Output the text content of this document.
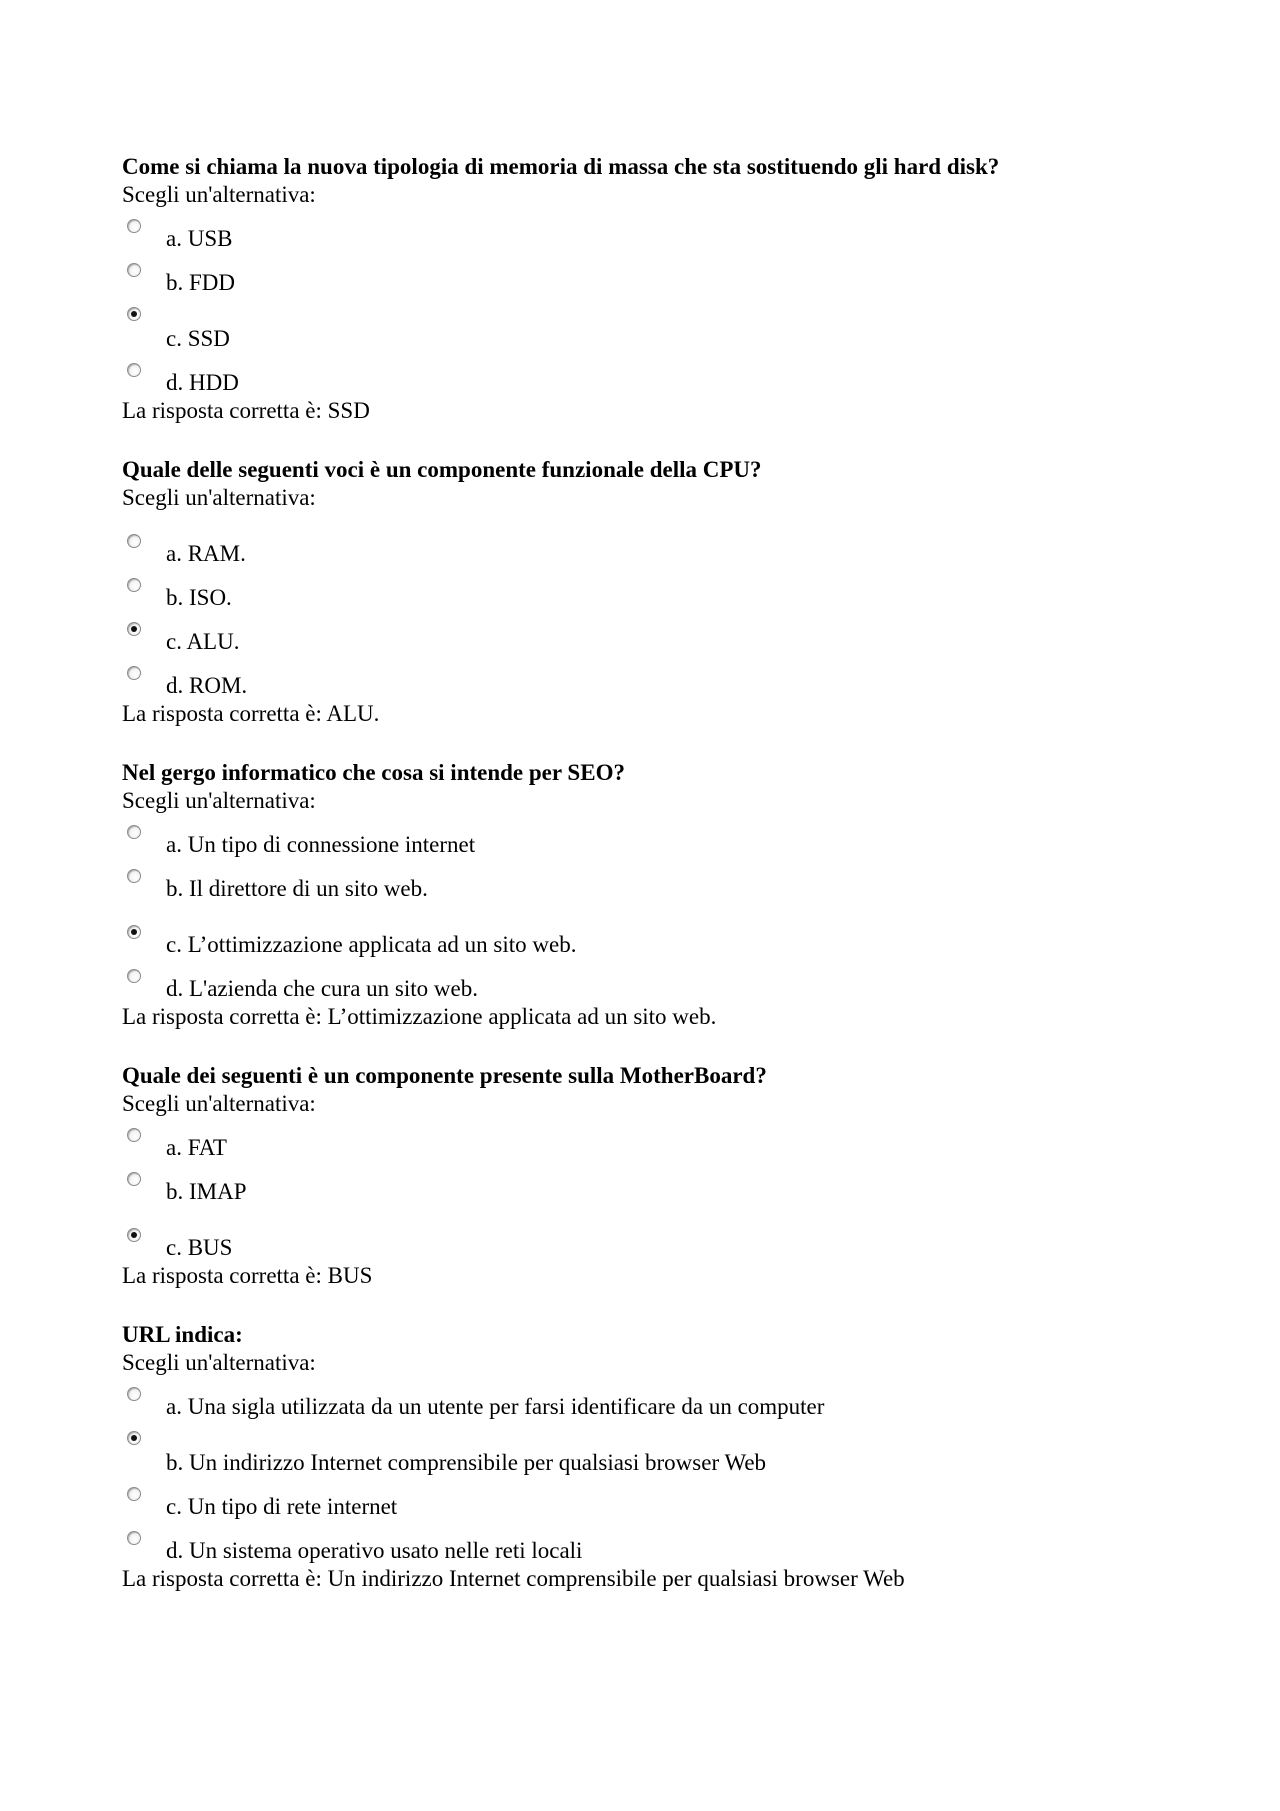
Come si chiama la nuova tipologia di memoria di massa che sta sostituendo gli hard disk?
Scegli un'alternativa:
a. USB
b. FDD
c. SSD
d. HDD
La risposta corretta è: SSD
Quale delle seguenti voci è un componente funzionale della CPU?
Scegli un'alternativa:
a. RAM.
b. ISO.
c. ALU.
d. ROM.
La risposta corretta è: ALU.
Nel gergo informatico che cosa si intende per SEO?
Scegli un'alternativa:
a. Un tipo di connessione internet
b. Il direttore di un sito web.
c. L’ottimizzazione applicata ad un sito web.
d. L'azienda che cura un sito web.
La risposta corretta è: L’ottimizzazione applicata ad un sito web.
Quale dei seguenti è un componente presente sulla MotherBoard?
Scegli un'alternativa:
a. FAT
b. IMAP
c. BUS
La risposta corretta è: BUS
URL indica:
Scegli un'alternativa:
a. Una sigla utilizzata da un utente per farsi identificare da un computer
b. Un indirizzo Internet comprensibile per qualsiasi browser Web
c. Un tipo di rete internet
d. Un sistema operativo usato nelle reti locali
La risposta corretta è: Un indirizzo Internet comprensibile per qualsiasi browser Web
